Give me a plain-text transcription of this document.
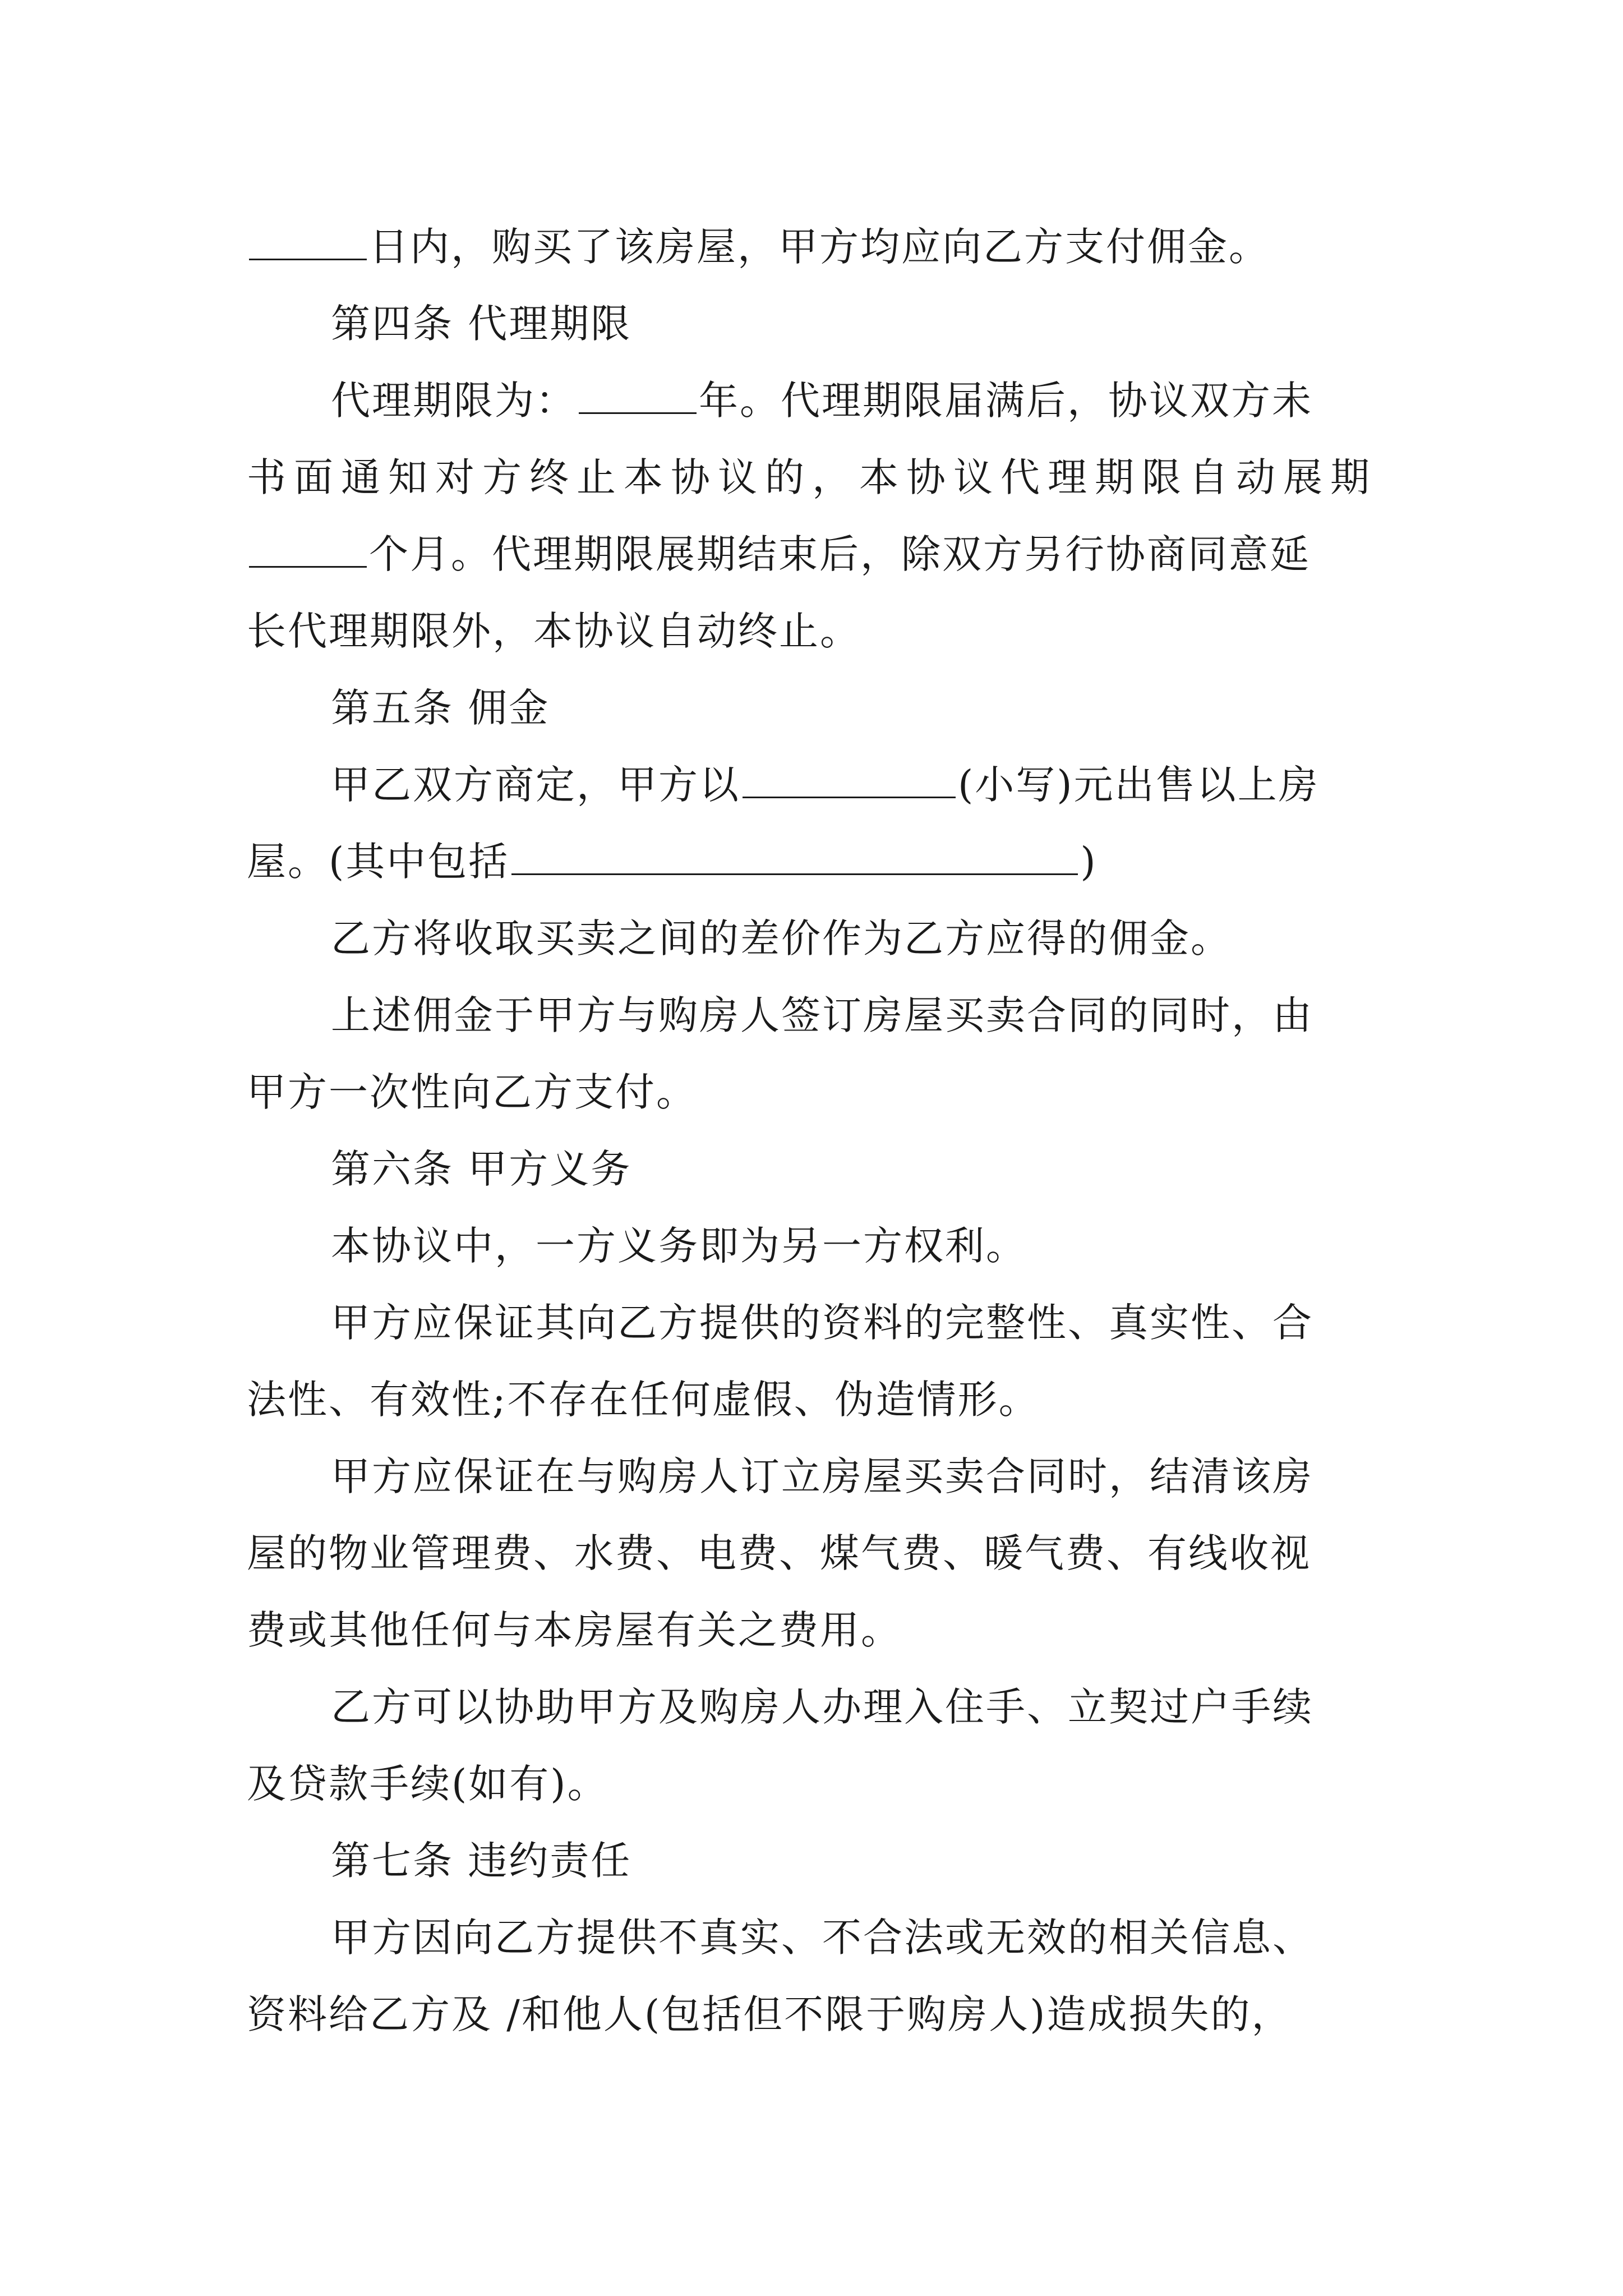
日内，购买了该房屋，甲方均应向乙方支付佣金。
第四条 代理期限
代理期限为：	年。代理期限届满后，协议双方未
书面通知对方终止本协议的，本协议代理期限自动展期
个月。代理期限展期结束后，除双方另行协商同意延
长代理期限外，本协议自动终止。
第五条 佣金
甲乙双方商定，甲方以	(小写)元出售以上房
屋。(其中包括	)
乙方将收取买卖之间的差价作为乙方应得的佣金。
上述佣金于甲方与购房人签订房屋买卖合同的同时，由
甲方一次性向乙方支付。
第六条 甲方义务
本协议中，一方义务即为另一方权利。
甲方应保证其向乙方提供的资料的完整性、真实性、合
法性、有效性;不存在任何虚假、伪造情形。
甲方应保证在与购房人订立房屋买卖合同时，结清该房
屋的物业管理费、水费、电费、煤气费、暖气费、有线收视
费或其他任何与本房屋有关之费用。
乙方可以协助甲方及购房人办理入住手、立契过户手续
及贷款手续(如有)。
第七条 违约责任
甲方因向乙方提供不真实、不合法或无效的相关信息、
资料给乙方及 /和他人(包括但不限于购房人)造成损失的，
